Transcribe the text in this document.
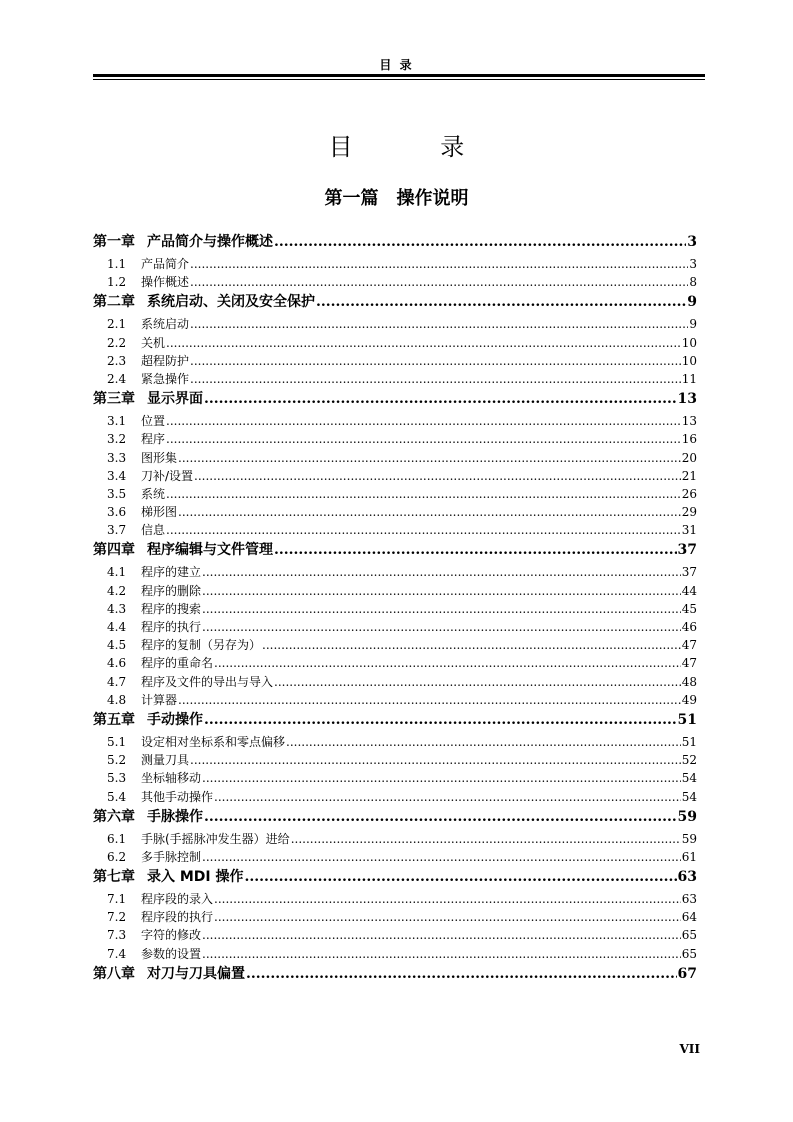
目 录
目 录
第一篇　操作说明
第一章 产品简介与操作概述 .....	3
1.1 产品简介 .....	3
1.2 操作概述 .....	8
第二章 系统启动、关闭及安全保护 .....	9
2.1 系统启动 .....	9
2.2 关机 .....	10
2.3 超程防护 .....	10
2.4 紧急操作 .....	11
第三章 显示界面 .....	13
3.1 位置 .....	13
3.2 程序 .....	16
3.3 图形集 .....	20
3.4 刀补/设置 .....	21
3.5 系统 .....	26
3.6 梯形图 .....	29
3.7 信息 .....	31
第四章 程序编辑与文件管理 .....	37
4.1 程序的建立 .....	37
4.2 程序的删除 .....	44
4.3 程序的搜索 .....	45
4.4 程序的执行 .....	46
4.5 程序的复制（另存为） .....	47
4.6 程序的重命名 .....	47
4.7 程序及文件的导出与导入 .....	48
4.8 计算器 .....	49
第五章 手动操作 .....	51
5.1 设定相对坐标系和零点偏移 .....	51
5.2 测量刀具 .....	52
5.3 坐标轴移动 .....	54
5.4 其他手动操作 .....	54
第六章 手脉操作 .....	59
6.1 手脉(手摇脉冲发生器）进给 .....	59
6.2 多手脉控制 .....	61
第七章 录入 MDI 操作 .....	63
7.1 程序段的录入 .....	63
7.2 程序段的执行 .....	64
7.3 字符的修改 .....	65
7.4 参数的设置 .....	65
第八章 对刀与刀具偏置 .....	67
VII
